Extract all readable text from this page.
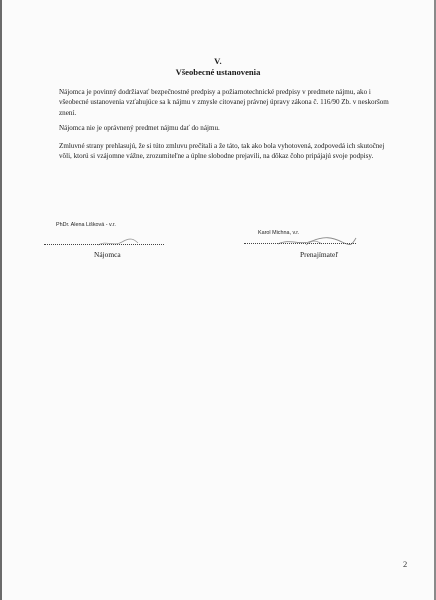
V.
Všeobecné ustanovenia
Nájomca je povinný dodržiavať bezpečnostné predpisy a požiarnotechnické predpisy v predmete nájmu, ako i všeobecné ustanovenia vzťahujúce sa k nájmu v zmysle citovanej právnej úpravy zákona č. 116/90 Zb. v neskoršom znení.
Nájomca nie je oprávnený predmet nájmu dať do nájmu.
Zmluvné strany prehlasujú, že si túto zmluvu prečítali a že táto, tak ako bola vyhotovená, zodpovedá ich skutočnej vôli, ktorú si vzájomne vážne, zrozumiteľne a úplne slobodne prejavili, na dôkaz čoho pripájajú svoje podpisy.
PhDr. Alena Lišková - v.r.
Nájomca
Karol Michna, v.r.
Prenajímateľ
2
